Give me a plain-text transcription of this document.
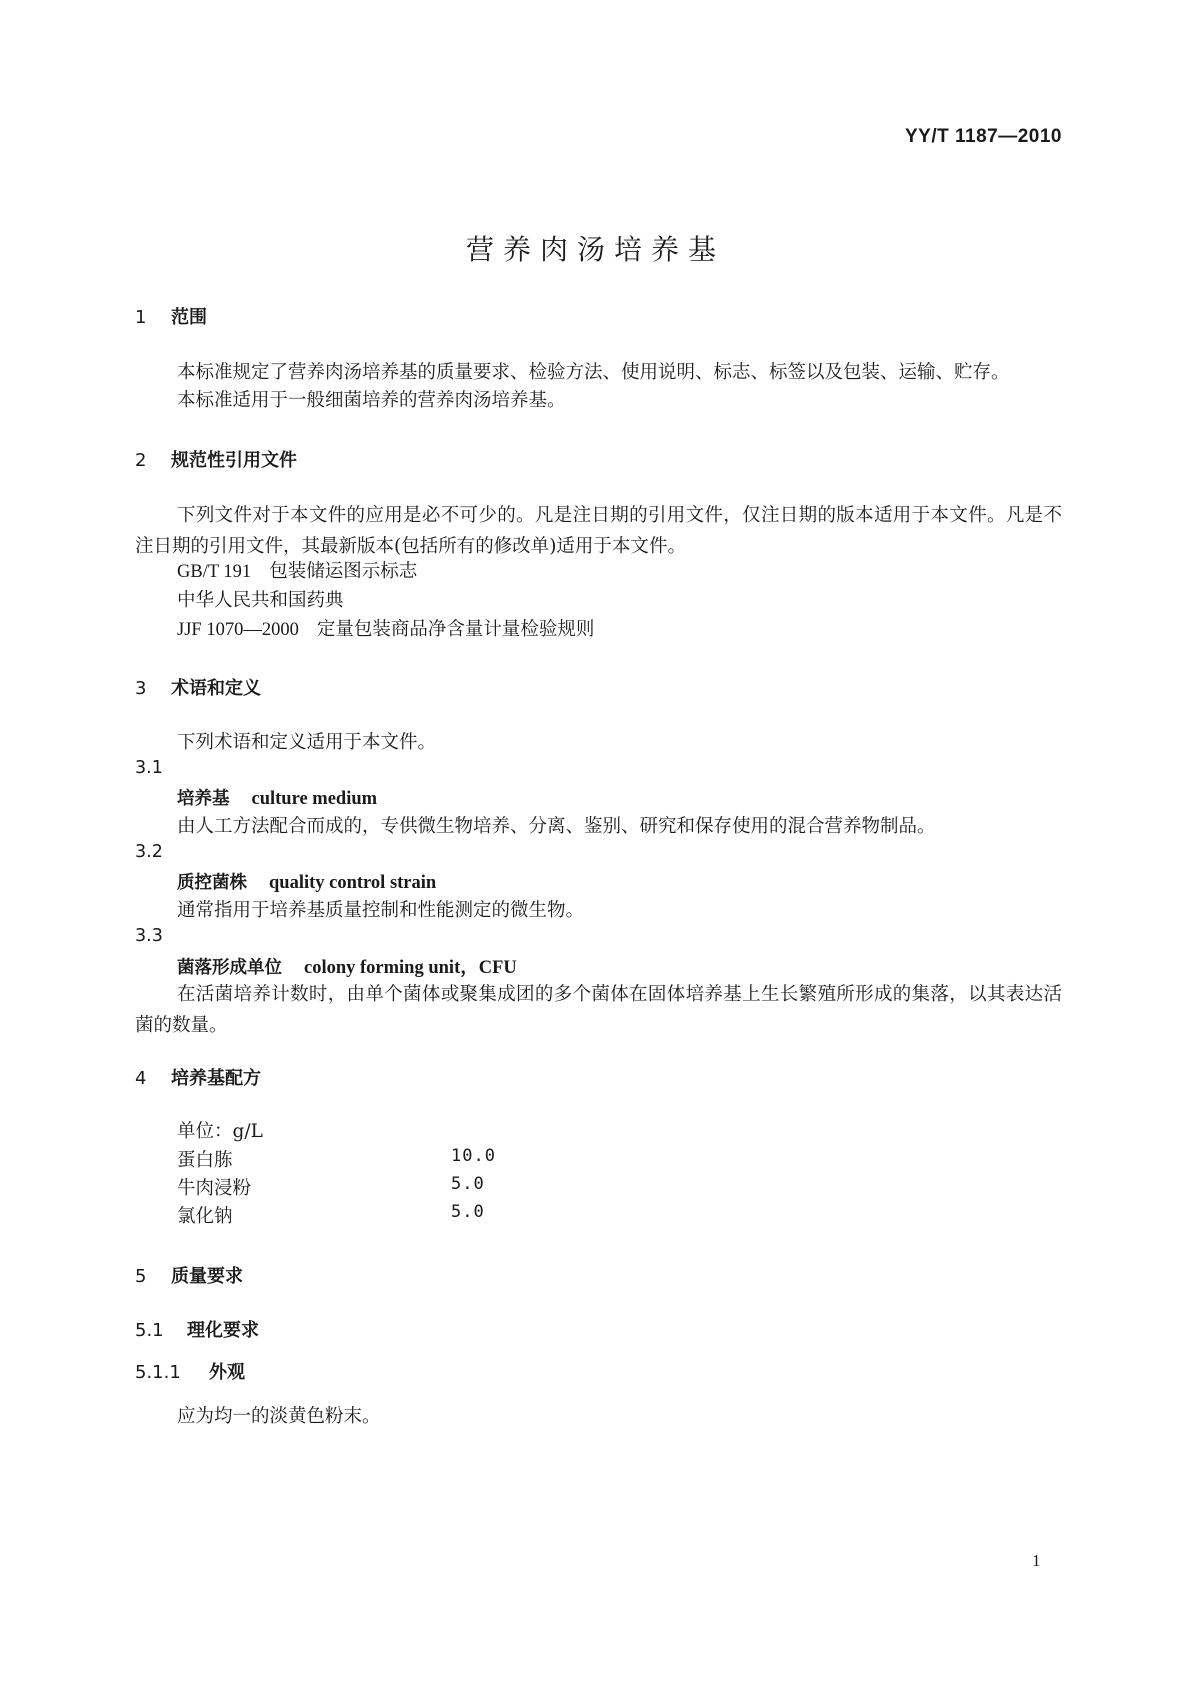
YY/T 1187—2010
营养肉汤培养基
1 范围
本标准规定了营养肉汤培养基的质量要求、检验方法、使用说明、标志、标签以及包装、运输、贮存。
本标准适用于一般细菌培养的营养肉汤培养基。
2 规范性引用文件
下列文件对于本文件的应用是必不可少的。凡是注日期的引用文件，仅注日期的版本适用于本文件。凡是不注日期的引用文件，其最新版本(包括所有的修改单)适用于本文件。
GB/T 191 包装储运图示标志
中华人民共和国药典
JJF 1070—2000 定量包装商品净含量计量检验规则
3 术语和定义
下列术语和定义适用于本文件。
3.1
培养基 culture medium
由人工方法配合而成的，专供微生物培养、分离、鉴别、研究和保存使用的混合营养物制品。
3.2
质控菌株 quality control strain
通常指用于培养基质量控制和性能测定的微生物。
3.3
菌落形成单位 colony forming unit，CFU
在活菌培养计数时，由单个菌体或聚集成团的多个菌体在固体培养基上生长繁殖所形成的集落，以其表达活菌的数量。
4 培养基配方
单位：g/L
蛋白胨	10.0
牛肉浸粉	5.0
氯化钠	5.0
5 质量要求
5.1 理化要求
5.1.1 外观
应为均一的淡黄色粉末。
1
